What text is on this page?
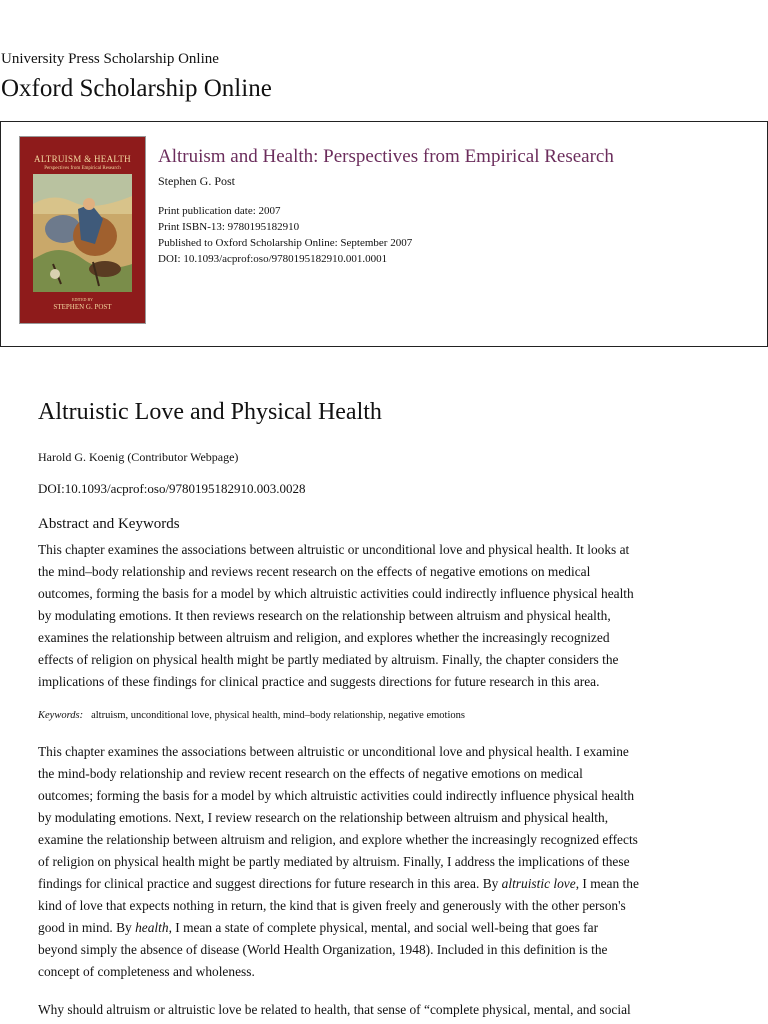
University Press Scholarship Online
Oxford Scholarship Online
ALTRUISM & HEALTH
Perspectives from Empirical Research
EDITED BY
STEPHEN G. POST
Altruism and Health: Perspectives from Empirical Research
Stephen G. Post
Print publication date: 2007
Print ISBN-13: 9780195182910
Published to Oxford Scholarship Online: September 2007
DOI: 10.1093/acprof:oso/9780195182910.001.0001
Altruistic Love and Physical Health
Harold G. Koenig (Contributor Webpage)
DOI:10.1093/acprof:oso/9780195182910.003.0028
Abstract and Keywords
This chapter examines the associations between altruistic or unconditional love and physical health. It looks at
the mind–body relationship and reviews recent research on the effects of negative emotions on medical
outcomes, forming the basis for a model by which altruistic activities could indirectly influence physical health
by modulating emotions. It then reviews research on the relationship between altruism and physical health,
examines the relationship between altruism and religion, and explores whether the increasingly recognized
effects of religion on physical health might be partly mediated by altruism. Finally, the chapter considers the
implications of these findings for clinical practice and suggests directions for future research in this area.
Keywords: altruism, unconditional love, physical health, mind–body relationship, negative emotions
This chapter examines the associations between altruistic or unconditional love and physical health. I examine
the mind-body relationship and review recent research on the effects of negative emotions on medical
outcomes; forming the basis for a model by which altruistic activities could indirectly influence physical health
by modulating emotions. Next, I review research on the relationship between altruism and physical health,
examine the relationship between altruism and religion, and explore whether the increasingly recognized effects
of religion on physical health might be partly mediated by altruism. Finally, I address the implications of these
findings for clinical practice and suggest directions for future research in this area. By altruistic love, I mean the
kind of love that expects nothing in return, the kind that is given freely and generously with the other person's
good in mind. By health, I mean a state of complete physical, mental, and social well-being that goes far
beyond simply the absence of disease (World Health Organization, 1948). Included in this definition is the
concept of completeness and wholeness.
Why should altruism or altruistic love be related to health, that sense of “complete physical, mental, and social
